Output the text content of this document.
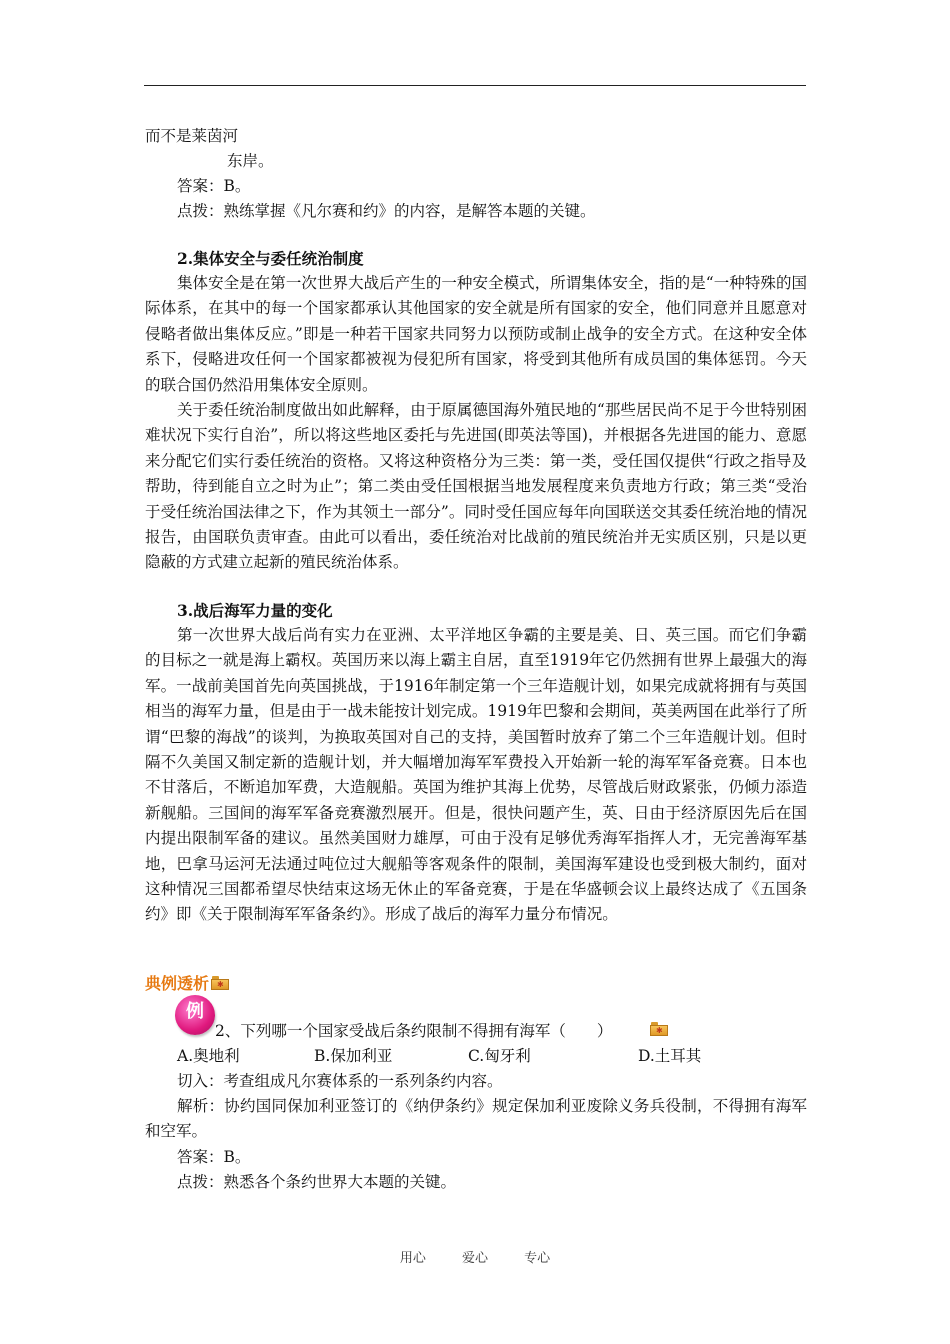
而不是莱茵河
东岸。
答案：B。
点拨：熟练掌握《凡尔赛和约》的内容，是解答本题的关键。
2.集体安全与委任统治制度

集体安全是在第一次世界大战后产生的一种安全模式，所谓集体安全，指的是“一种特殊的国际体系，在其中的每一个国家都承认其他国家的安全就是所有国家的安全，他们同意并且愿意对侵略者做出集体反应。”即是一种若干国家共同努力以预防或制止战争的安全方式。在这种安全体系下，侵略进攻任何一个国家都被视为侵犯所有国家，将受到其他所有成员国的集体惩罚。今天的联合国仍然沿用集体安全原则。

关于委任统治制度做出如此解释，由于原属德国海外殖民地的“那些居民尚不足于今世特别困难状况下实行自治”，所以将这些地区委托与先进国(即英法等国)，并根据各先进国的能力、意愿来分配它们实行委任统治的资格。又将这种资格分为三类：第一类，受任国仅提供“行政之指导及帮助，待到能自立之时为止”；第二类由受任国根据当地发展程度来负责地方行政；第三类“受治于受任统治国法律之下，作为其领土一部分”。同时受任国应每年向国联送交其委任统治地的情况报告，由国联负责审查。由此可以看出，委任统治对比战前的殖民统治并无实质区别，只是以更隐蔽的方式建立起新的殖民统治体系。

3.战后海军力量的变化

第一次世界大战后尚有实力在亚洲、太平洋地区争霸的主要是美、日、英三国。而它们争霸的目标之一就是海上霸权。英国历来以海上霸主自居，直至1919年它仍然拥有世界上最强大的海军。一战前美国首先向英国挑战，于1916年制定第一个三年造舰计划，如果完成就将拥有与英国相当的海军力量，但是由于一战未能按计划完成。1919年巴黎和会期间，英美两国在此举行了所谓“巴黎的海战”的谈判，为换取英国对自己的支持，美国暂时放弃了第二个三年造舰计划。但时隔不久美国又制定新的造舰计划，并大幅增加海军军费投入开始新一轮的海军军备竞赛。日本也不甘落后，不断追加军费，大造舰船。英国为维护其海上优势，尽管战后财政紧张，仍倾力添造新舰船。三国间的海军军备竞赛激烈展开。但是，很快问题产生，英、日由于经济原因先后在国内提出限制军备的建议。虽然美国财力雄厚，可由于没有足够优秀海军指挥人才，无完善海军基地，巴拿马运河无法通过吨位过大舰船等客观条件的限制，美国海军建设也受到极大制约，面对这种情况三国都希望尽快结束这场无休止的军备竞赛，于是在华盛顿会议上最终达成了《五国条约》即《关于限制海军军备条约》。形成了战后的海军力量分布情况。

典例透析 ✱
例
2、下列哪一个国家受战后条约限制不得拥有海军（　　）	✱
A.奥地利	B.保加利亚	C.匈牙利	D.土耳其
切入：考查组成凡尔赛体系的一系列条约内容。

解析：协约国同保加利亚签订的《纳伊条约》规定保加利亚废除义务兵役制，不得拥有海军和空军。

答案：B。
点拨：熟悉各个条约世界大本题的关键。
用心	爱心	专心
